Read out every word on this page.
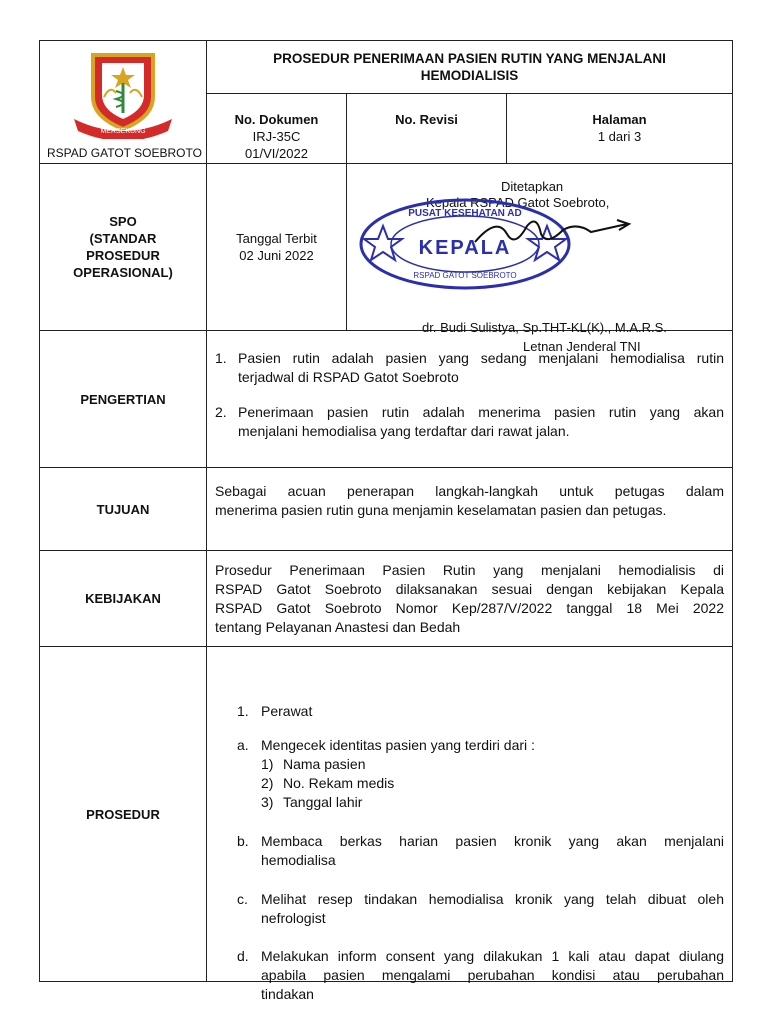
MERSEKUNG
RSPAD GATOT SOEBROTO
PROSEDUR PENERIMAAN PASIEN RUTIN YANG MENJALANI HEMODIALISIS
No. Dokumen
IRJ-35C
01/VI/2022
No. Revisi	Halaman
1 dari 3
SPO
(STANDAR
PROSEDUR
OPERASIONAL)
Tanggal Terbit
02 Juni 2022
Ditetapkan
Kepala RSPAD Gatot Soebroto,
PUSAT KESEHATAN AD
KEPALA
RSPAD GATOT SOEBROTO
dr. Budi Sulistya, Sp.THT-KL(K)., M.A.R.S.
Letnan Jenderal TNI
PENGERTIAN
1. Pasien rutin adalah pasien yang sedang menjalani hemodialisa rutin
terjadwal di RSPAD Gatot Soebroto
2. Penerimaan pasien rutin adalah menerima pasien rutin yang akan
menjalani hemodialisa yang terdaftar dari rawat jalan.
TUJUAN
Sebagai acuan penerapan langkah-langkah untuk petugas dalam
menerima pasien rutin guna menjamin keselamatan pasien dan petugas.
KEBIJAKAN
Prosedur Penerimaan Pasien Rutin yang menjalani hemodialisis di
RSPAD Gatot Soebroto dilaksanakan sesuai dengan kebijakan Kepala
RSPAD Gatot Soebroto Nomor Kep/287/V/2022 tanggal 18 Mei 2022
tentang Pelayanan Anastesi dan Bedah
PROSEDUR
1. Perawat
a. Mengecek identitas pasien yang terdiri dari :
1) Nama pasien
2) No. Rekam medis
3) Tanggal lahir
b. Membaca berkas harian pasien kronik yang akan menjalani
hemodialisa
c. Melihat resep tindakan hemodialisa kronik yang telah dibuat oleh
nefrologist
d. Melakukan inform consent yang dilakukan 1 kali atau dapat diulang
apabila pasien mengalami perubahan kondisi atau perubahan
tindakan
